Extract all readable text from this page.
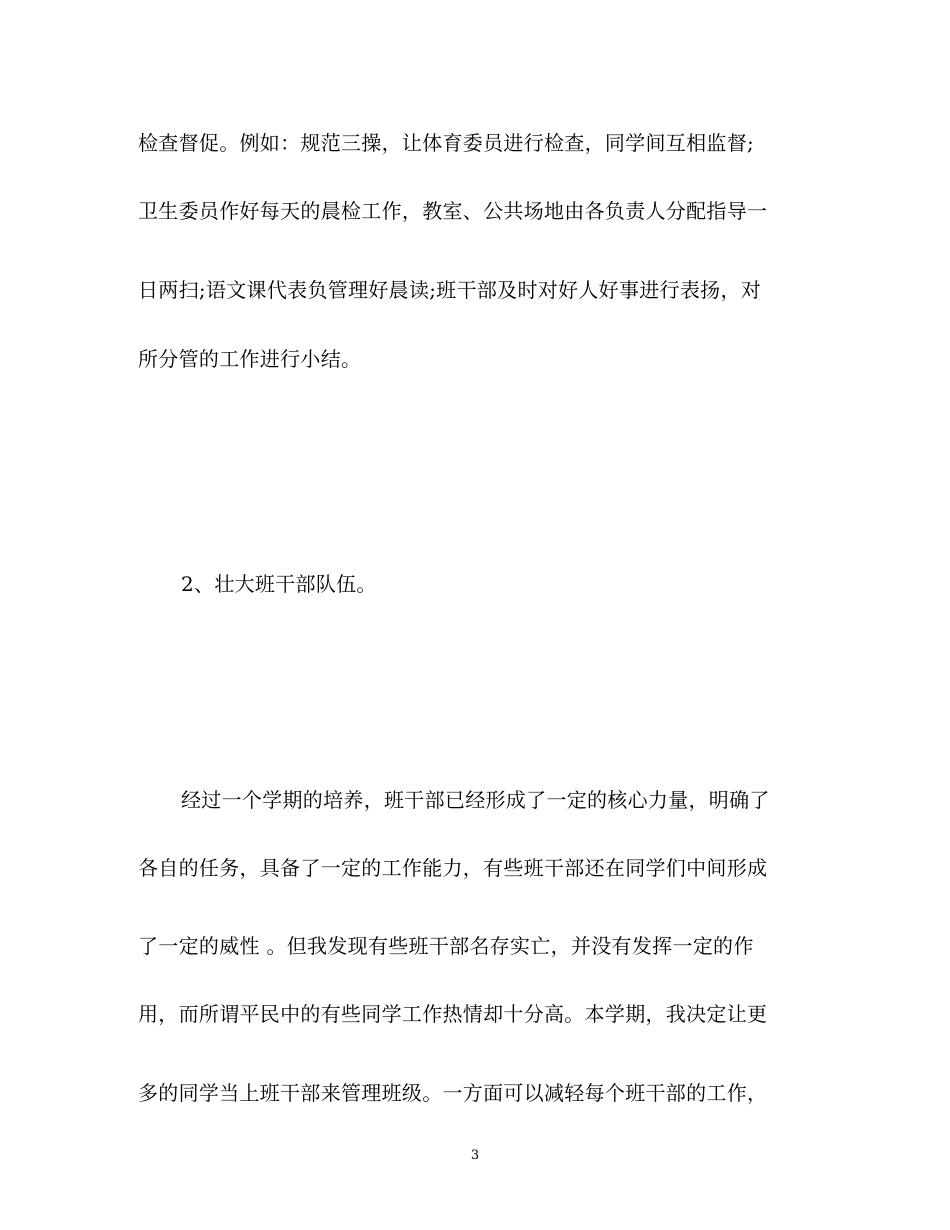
检查督促。例如：规范三操，让体育委员进行检查，同学间互相监督;
卫生委员作好每天的晨检工作，教室、公共场地由各负责人分配指导一
日两扫;语文课代表负管理好晨读;班干部及时对好人好事进行表扬，对
所分管的工作进行小结。
2、壮大班干部队伍。
经过一个学期的培养，班干部已经形成了一定的核心力量，明确了
各自的任务，具备了一定的工作能力，有些班干部还在同学们中间形成
了一定的威性 。但我发现有些班干部名存实亡，并没有发挥一定的作
用，而所谓平民中的有些同学工作热情却十分高。本学期，我决定让更
多的同学当上班干部来管理班级。一方面可以减轻每个班干部的工作，
3
